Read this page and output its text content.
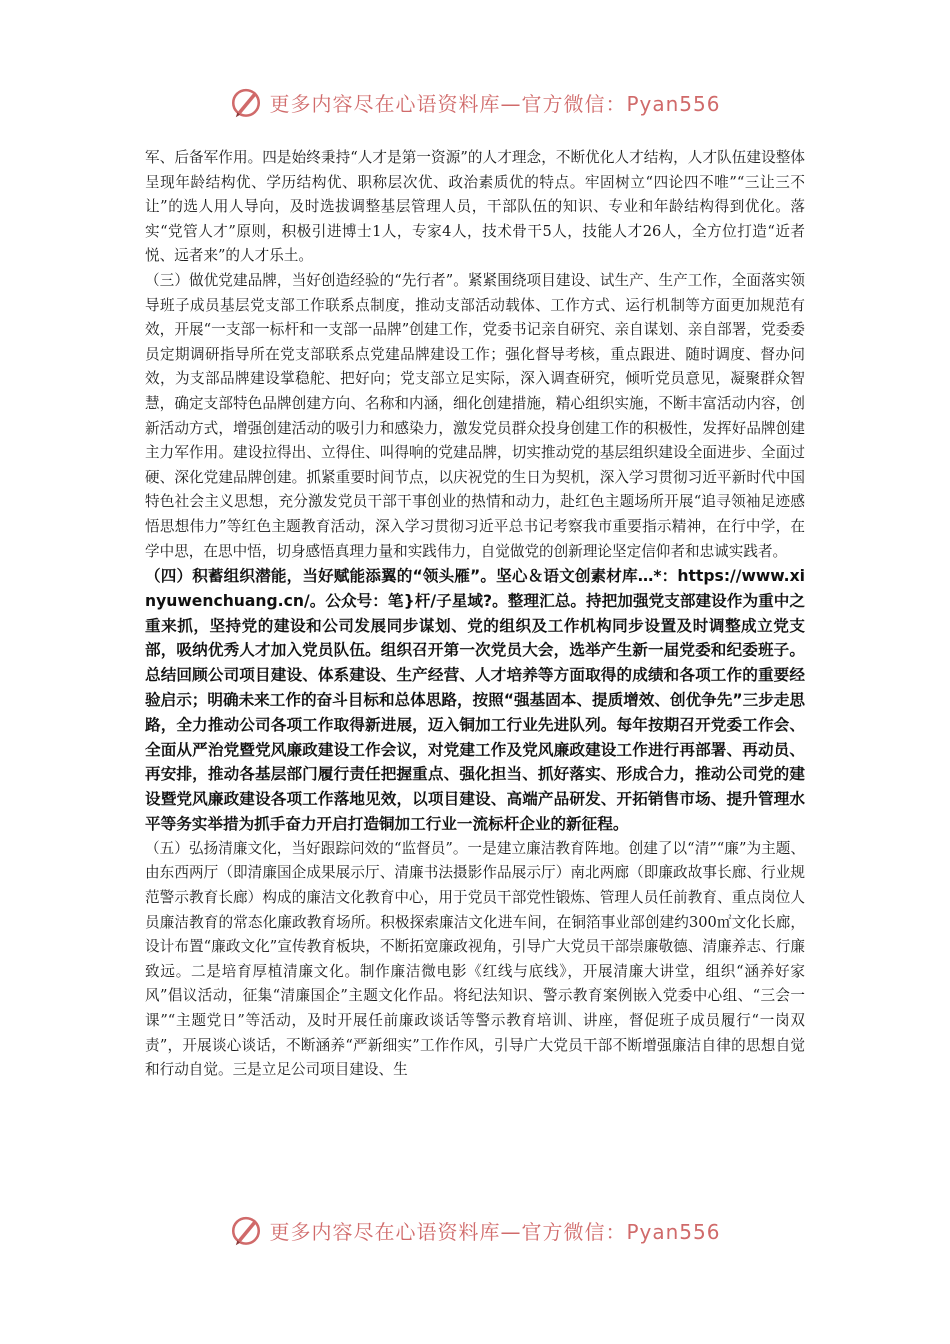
更多内容尽在心语资料库—官方微信：Pyan556

军、后备军作用。四是始终秉持“人才是第一资源”的人才理念，不断优化人才结构，人才队伍建设整体呈现年龄结构优、学历结构优、职称层次优、政治素质优的特点。牢固树立“四论四不唯”“三让三不让”的选人用人导向，及时选拔调整基层管理人员，干部队伍的知识、专业和年龄结构得到优化。落实“党管人才”原则，积极引进博士1人，专家4人，技术骨干5人，技能人才26人，全方位打造“近者悦、远者来”的人才乐土。

（三）做优党建品牌，当好创造经验的“先行者”。紧紧围绕项目建设、试生产、生产工作，全面落实领导班子成员基层党支部工作联系点制度，推动支部活动载体、工作方式、运行机制等方面更加规范有效，开展“一支部一标杆和一支部一品牌”创建工作，党委书记亲自研究、亲自谋划、亲自部署，党委委员定期调研指导所在党支部联系点党建品牌建设工作；强化督导考核，重点跟进、随时调度、督办问效，为支部品牌建设掌稳舵、把好向；党支部立足实际，深入调查研究，倾听党员意见，凝聚群众智慧，确定支部特色品牌创建方向、名称和内涵，细化创建措施，精心组织实施，不断丰富活动内容，创新活动方式，增强创建活动的吸引力和感染力，激发党员群众投身创建工作的积极性，发挥好品牌创建主力军作用。建设拉得出、立得住、叫得响的党建品牌，切实推动党的基层组织建设全面进步、全面过硬、深化党建品牌创建。抓紧重要时间节点，以庆祝党的生日为契机，深入学习贯彻习近平新时代中国特色社会主义思想，充分激发党员干部干事创业的热情和动力，赴红色主题场所开展“追寻领袖足迹感悟思想伟力”等红色主题教育活动，深入学习贯彻习近平总书记考察我市重要指示精神，在行中学，在学中思，在思中悟，切身感悟真理力量和实践伟力，自觉做党的创新理论坚定信仰者和忠诚实践者。

（四）积蓄组织潜能，当好赋能添翼的“领头雁”。坚心＆语文创素材库…*：https://www.xinyuwenchuang.cn/。公众号：笔}杆/子星域?。整理汇总。持把加强党支部建设作为重中之重来抓，坚持党的建设和公司发展同步谋划、党的组织及工作机构同步设置及时调整成立党支部，吸纳优秀人才加入党员队伍。组织召开第一次党员大会，选举产生新一届党委和纪委班子。总结回顾公司项目建设、体系建设、生产经营、人才培养等方面取得的成绩和各项工作的重要经验启示；明确未来工作的奋斗目标和总体思路，按照“强基固本、提质增效、创优争先”三步走思路，全力推动公司各项工作取得新进展，迈入铜加工行业先进队列。每年按期召开党委工作会、全面从严治党暨党风廉政建设工作会议，对党建工作及党风廉政建设工作进行再部署、再动员、再安排，推动各基层部门履行责任把握重点、强化担当、抓好落实、形成合力，推动公司党的建设暨党风廉政建设各项工作落地见效，以项目建设、高端产品研发、开拓销售市场、提升管理水平等务实举措为抓手奋力开启打造铜加工行业一流标杆企业的新征程。

（五）弘扬清廉文化，当好跟踪问效的“监督员”。一是建立廉洁教育阵地。创建了以“清”“廉”为主题、由东西两厅（即清廉国企成果展示厅、清廉书法摄影作品展示厅）南北两廊（即廉政故事长廊、行业规范警示教育长廊）构成的廉洁文化教育中心，用于党员干部党性锻炼、管理人员任前教育、重点岗位人员廉洁教育的常态化廉政教育场所。积极探索廉洁文化进车间，在铜箔事业部创建约300㎡文化长廊，设计布置“廉政文化”宣传教育板块，不断拓宽廉政视角，引导广大党员干部崇廉敬德、清廉养志、行廉致远。二是培育厚植清廉文化。制作廉洁微电影《红线与底线》，开展清廉大讲堂，组织“涵养好家风”倡议活动，征集“清廉国企”主题文化作品。将纪法知识、警示教育案例嵌入党委中心组、“三会一课”“主题党日”等活动，及时开展任前廉政谈话等警示教育培训、讲座，督促班子成员履行“一岗双责”，开展谈心谈话，不断涵养“严新细实”工作作风，引导广大党员干部不断增强廉洁自律的思想自觉和行动自觉。三是立足公司项目建设、生

更多内容尽在心语资料库—官方微信：Pyan556
